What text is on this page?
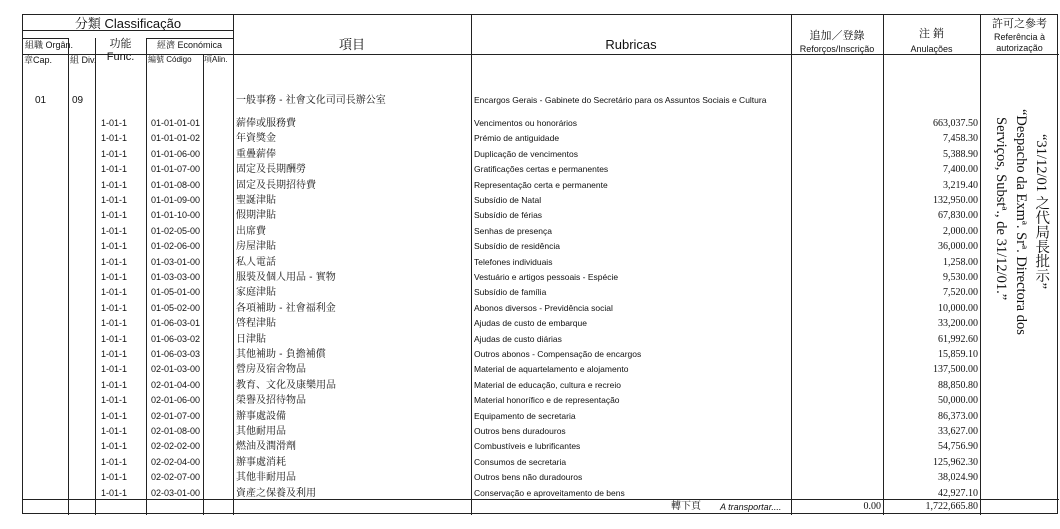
分類 Classificação
組職 Orgân.
章Cap. 組 Div.
功能
Func.
經濟 Económica
編號 Código 項Alin.
項目	Rubricas
追加／登錄
Reforços/Inscrição
注 銷
Anulações
許可之參考
Referência à
autorização
01	09	一般事務 - 社會文化司司長辦公室	Encargos Gerais - Gabinete do Secretário para os Assuntos Sociais e Cultura
1-01-1	01-01-01-01	薪俸或服務費	Vencimentos ou honorários	663,037.50
1-01-1	01-01-01-02	年資獎金	Prémio de antiguidade	7,458.30
1-01-1	01-01-06-00	重疊薪俸	Duplicação de vencimentos	5,388.90
1-01-1	01-01-07-00	固定及長期酬勞	Gratificações certas e permanentes	7,400.00
1-01-1	01-01-08-00	固定及長期招待費	Representação certa e permanente	3,219.40
1-01-1	01-01-09-00	聖誕津貼	Subsídio de Natal	132,950.00
1-01-1	01-01-10-00	假期津貼	Subsídio de férias	67,830.00
1-01-1	01-02-05-00	出席費	Senhas de presença	2,000.00
1-01-1	01-02-06-00	房屋津貼	Subsídio de residência	36,000.00
1-01-1	01-03-01-00	私人電話	Telefones individuais	1,258.00
1-01-1	01-03-03-00	服裝及個人用品 - 實物	Vestuário e artigos pessoais - Espécie	9,530.00
1-01-1	01-05-01-00	家庭津貼	Subsídio de família	7,520.00
1-01-1	01-05-02-00	各項補助 - 社會福利金	Abonos diversos - Previdência social	10,000.00
1-01-1	01-06-03-01	啓程津貼	Ajudas de custo de embarque	33,200.00
1-01-1	01-06-03-02	日津貼	Ajudas de custo diárias	61,992.60
1-01-1	01-06-03-03	其他補助 - 負擔補償	Outros abonos - Compensação de encargos	15,859.10
1-01-1	02-01-03-00	營房及宿舍物品	Material de aquartelamento e alojamento	137,500.00
1-01-1	02-01-04-00	教育、文化及康樂用品	Material de educação, cultura e recreio	88,850.80
1-01-1	02-01-06-00	榮譽及招待物品	Material honorífico e de representação	50,000.00
1-01-1	02-01-07-00	辦事處設備	Equipamento de secretaria	86,373.00
1-01-1	02-01-08-00	其他耐用品	Outros bens duradouros	33,627.00
1-01-1	02-02-02-00	燃油及潤滑劑	Combustíveis e lubrificantes	54,756.90
1-01-1	02-02-04-00	辦事處消耗	Consumos de secretaria	125,962.30
1-01-1	02-02-07-00	其他非耐用品	Outros bens não duradouros	38,024.90
1-01-1	02-03-01-00	資產之保養及利用	Conservação e aproveitamento de bens	42,927.10
轉下頁 A transportar....	0.00	1,722,665.80
“31/12/01 之代局長批示”
“Despacho da Exmª. Srª. Directora dos
Serviços, Substª., de 31/12/01.”
